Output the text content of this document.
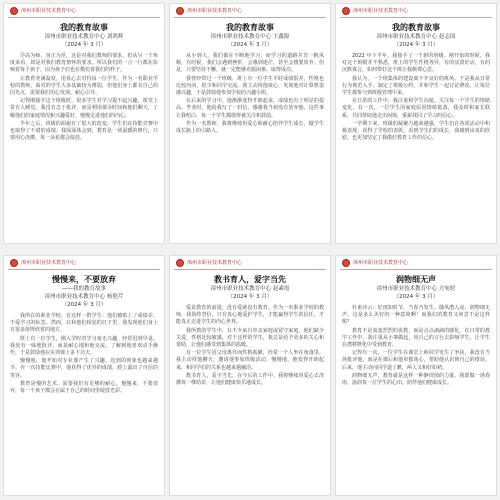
漳州市职业技术教育中心
我的教育故事
漳州市职业技术教育中心 刘鸿辉
（2024 年 3 月）

学高为师，身正为范，这是对我们教师的要求，但从另一个角度来看，却是对我们教育情怀的要求。所以我们的一言一行都在影响着每个孩子，因为孩子们也在模仿着我们的样子。

让教育充满温度，用真心去对待每一位学生。作为一名职业学校的教师，面对的学生大多基础较为薄弱，但他们身上都有自己的闪光点，需要我们用心发现、耐心引导。

记得刚接手这个班级时，很多学生对学习提不起兴趣，课堂上常有人睡觉。我没有急于批评，而是利用课余时间和他们聊天，了解他们的家庭情况和兴趣爱好，慢慢走进他们的内心。

半年之后，班级的面貌有了很大的改变，学生们在技能竞赛中也取得了不错的成绩。我深深体会到，教育是一场温暖的修行，只要用心浇灌，每一朵花都会绽放。

漳州市职业技术教育中心
我的教育故事
漳州市职业技术教育中心 王鑫源
（2024 年 3 月）

从小到大，我们都在不断地学习，而学习的道路并非一帆风顺。有时候，我们会遇到挫折，会感到迷茫，甚至会想要放弃。但是，只要坚持不懈，就一定能够克服困难，取得成功。

我曾经带过一个班级，班上有一位学生平时成绩很差，性格也比较内向，很少和同学交流。我主动找他谈心，发现他对计算机很感兴趣，于是鼓励他参加学校的兴趣小组。

在后来的学习中，他渐渐变得开朗起来，成绩也有了明显的提高。毕业时，他给我写了一封信，感谢我当初没有放弃他。这件事让我明白，每一个学生都值得被关注和鼓励。

作为一名教师，我将继续用爱心和耐心陪伴学生成长，做学生成长路上的引路人。

漳州市职业技术教育中心
我的教育故事
漳州市职业技术教育中心 赵志国
（2024 年 3 月）

2022 年下半年，我接手了一个新的班级。刚开始的时候，我对这个班级并不熟悉，班上的学生性格各异，有的活泼好动，有的沉默寡言，如何带好这个班让我颇费心思。

我认为，一个班集体的建设离不开良好的班风。于是我从日常行为规范入手，制定了班级公约，并和学生一起讨论修改，让每位学生都参与到班级管理中来。

在日常的工作中，我注重和学生沟通，关注每一个学生的情绪变化。有一次，一位学生因家庭原因情绪低落，我及时和家长联系，共同帮助他走出困境，重新找回了学习的信心。

一学期下来，班级的凝聚力越来越强，学生们在各项活动中积极表现，获得了学校的表彰。看到学生们的成长，我感到由衷的欣慰，也更加坚定了我做好教育工作的信心。

漳州市职业技术教育中心
慢慢来，不要放弃
——我的教育故事
漳州市职业技术教育中心 杨艳芹
（2024 年 3 月）

我所在的职业学校，有这样一群学生：他们被贴上了成绩差、不爱学习的标签。然而，在和他们相处的日子里，我发现他们身上有很多值得欣赏的地方。

班上有一位学生，刚入学时对学习毫无兴趣，经常迟到早退。我没有一味地批评，而是耐心地和他交流，了解到他喜欢动手操作，于是鼓励他在实训课上多下功夫。

慢慢地，他开始对专业课产生了兴趣，迟到的现象也越来越少。在一次技能比赛中，他获得了优异的成绩，脸上露出了自信的笑容。

教育是慢的艺术，需要我们有足够的耐心。慢慢来，不要放弃，每一个孩子都会在属于自己的时间里绽放光彩。

漳州市职业技术教育中心
教书育人，爱字当先
漳州市职业技术教育中心 赵素霞
（2024 年 3 月）

爱是教育的前提，没有爱就没有教育。作为一名职业学校的教师，我始终坚信，只有真心地爱护学生，才能赢得学生的信任，才能真正走进学生的内心世界。

我所教的学生中，有不少来自单亲家庭或留守家庭，他们缺少关爱，性格比较敏感。对于这样的学生，我总是给予更多的关心和帮助，让他们感受到集体的温暖。

有一位学生因父母离异而性格孤僻，经常一个人坐在角落里。我主动找他聊天，邀请他参加班级活动，慢慢地，他变得开朗起来，和同学们的关系也越来越融洽。

教书育人，爱字当先。在今后的工作中，我将继续用爱心去浇灌每一棵幼苗，让他们健康快乐地成长。

漳州市职业技术教育中心
润物细无声
漳州市职业技术教育中心 方宛婷
（2024 年 3 月）

杜甫诗云：好雨知时节，当春乃发生。随风潜入夜，润物细无声。这是多么美好的一种意境啊！而我们的教育又何尝不是这样呢？

教育不是轰轰烈烈的说教，而是点点滴滴的感化。在日常的教学工作中，我注重从小事做起，用自己的言行去影响学生，让学生在潜移默化中受到教育。

记得有一次，一位学生在课堂上和同学发生了争执，我没有当场批评他，而是在课后和他单独谈心，帮助他认识到自己的错误。后来，他主动向同学道了歉，两人又和好如初。

润物细无声，教育就是这样一种静悄悄的力量。我愿做一场春雨，滋润每一位学生的心田，陪伴他们健康成长。
